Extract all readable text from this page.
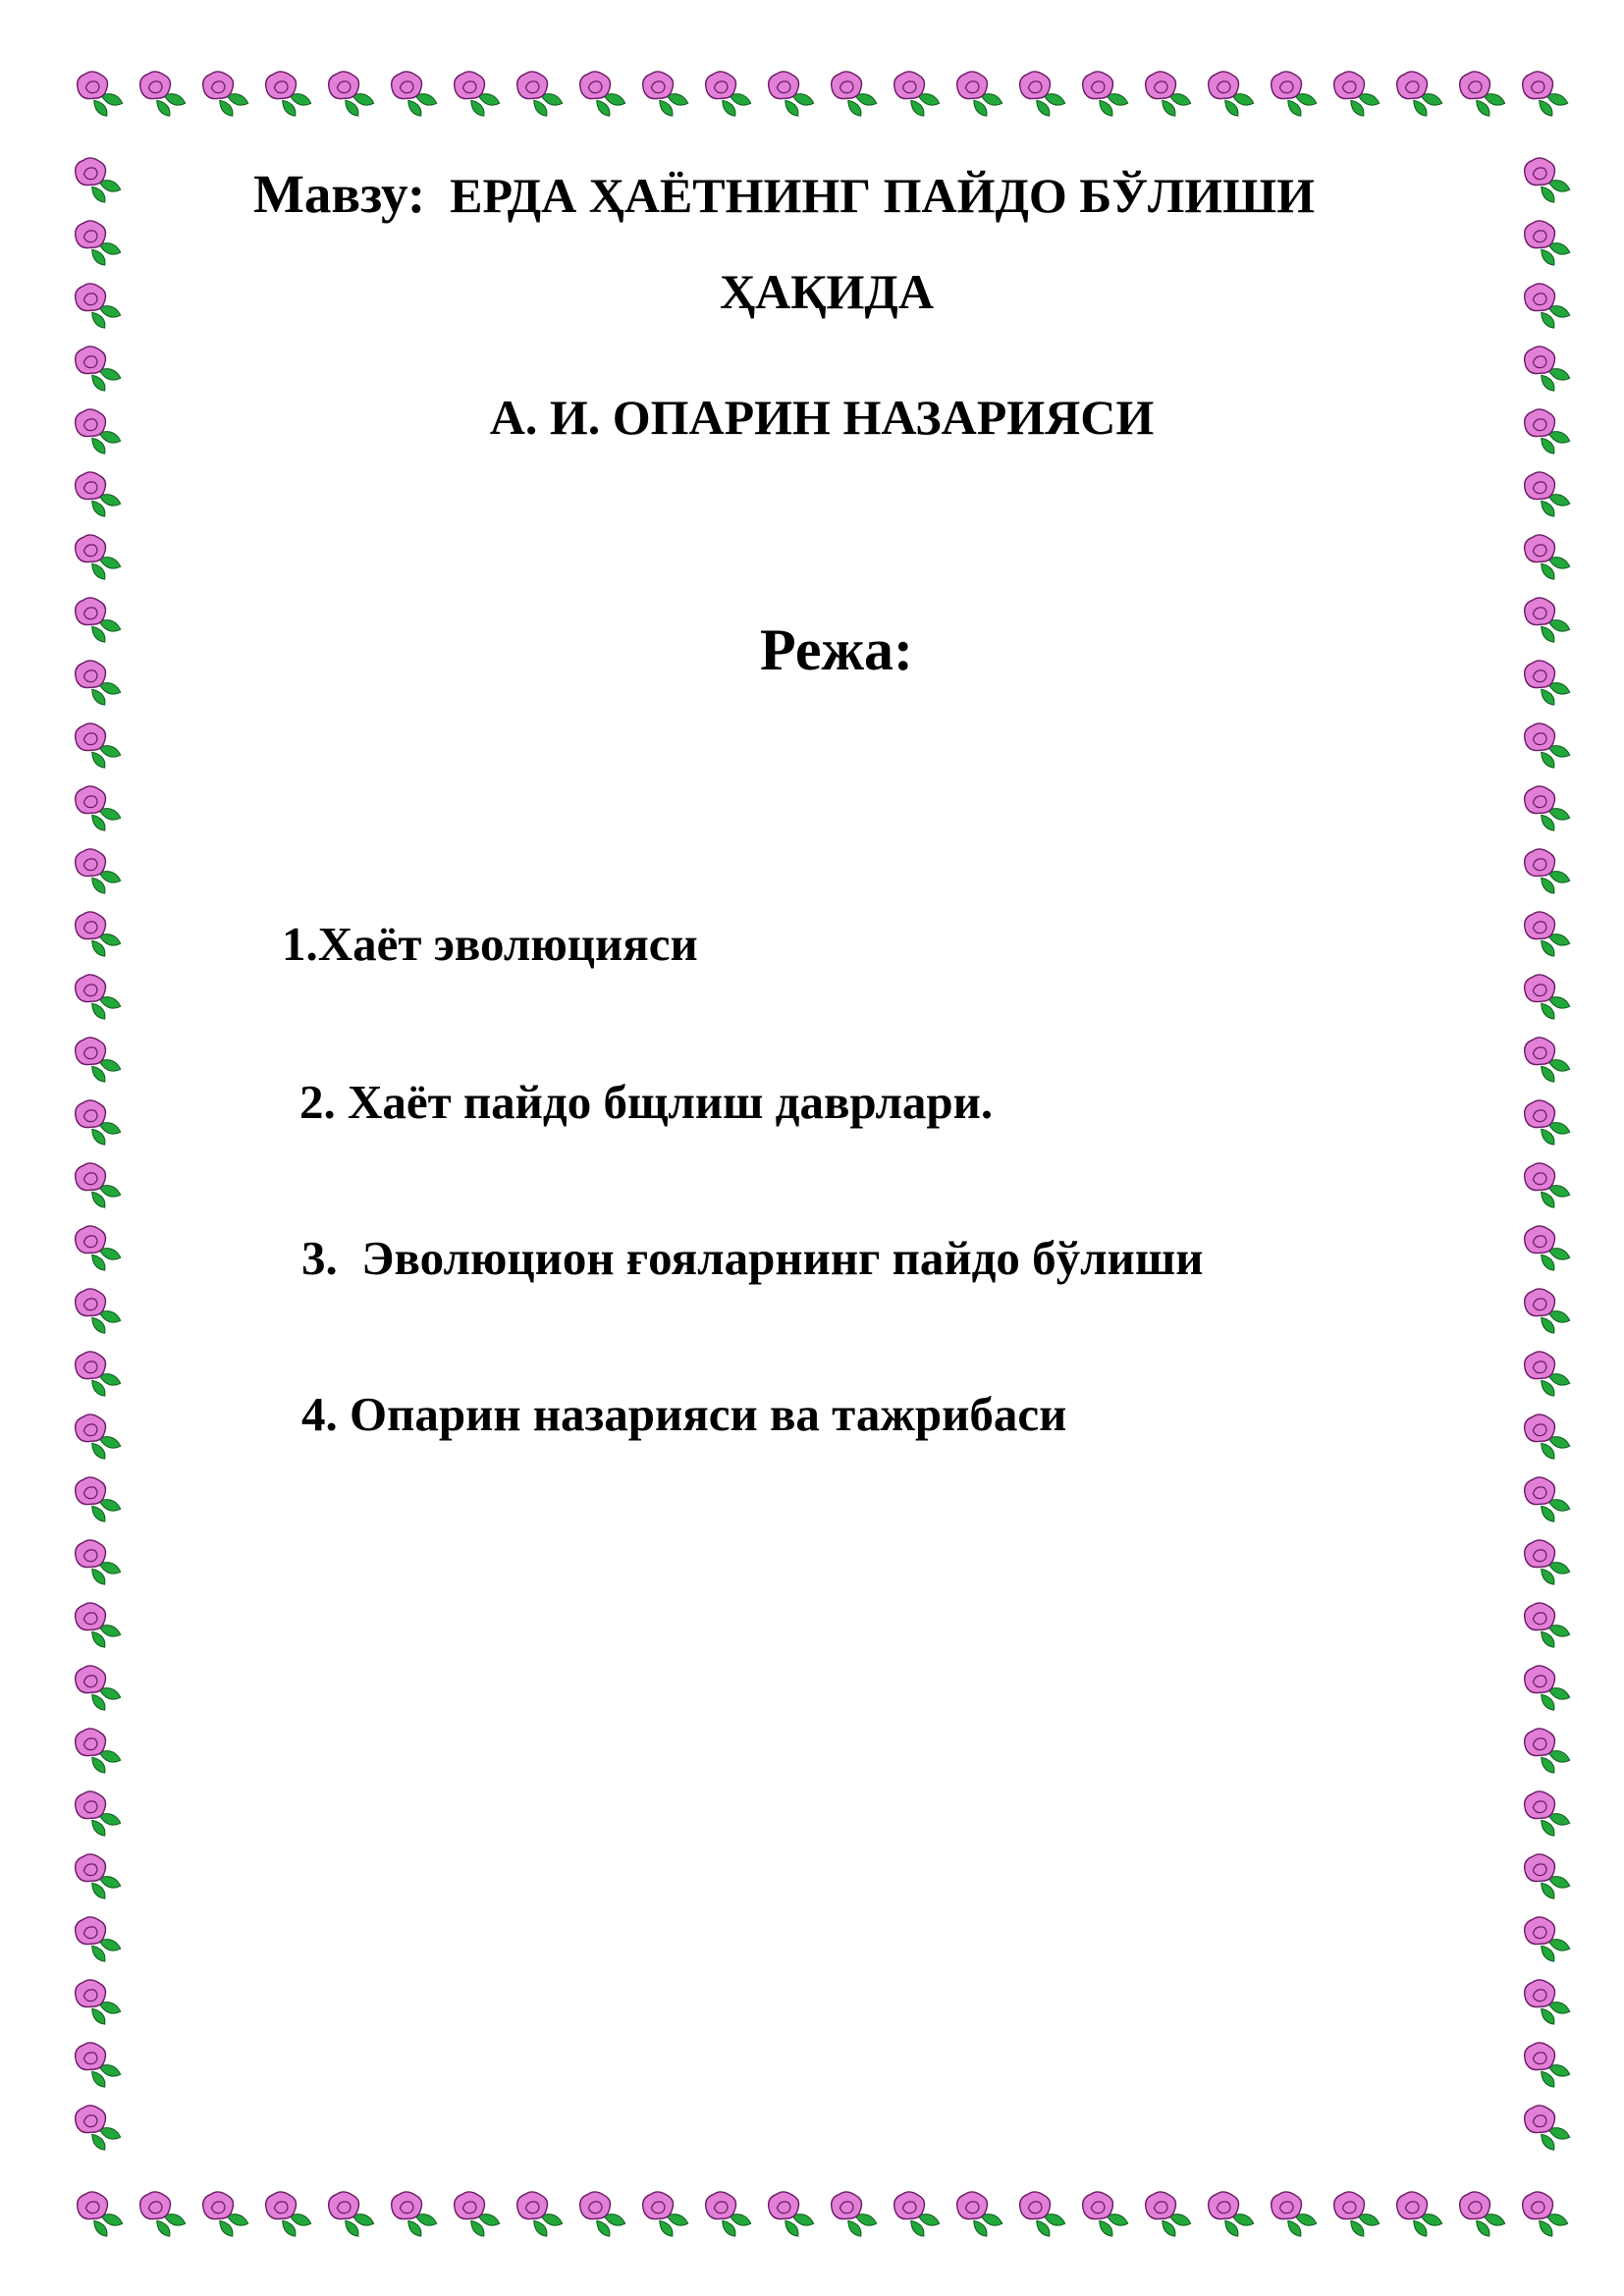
Мавзу: ЕРДА ҲАЁТНИНГ ПАЙДО БЎЛИШИ
ҲАҚИДА
А. И. ОПАРИН НАЗАРИЯСИ
Режа:
1.Хаёт эволюцияси
2. Хаёт пайдо бщлиш даврлари.
3. Эволюцион ғояларнинг пайдо бўлиши
4. Опарин назарияси ва тажрибаси
